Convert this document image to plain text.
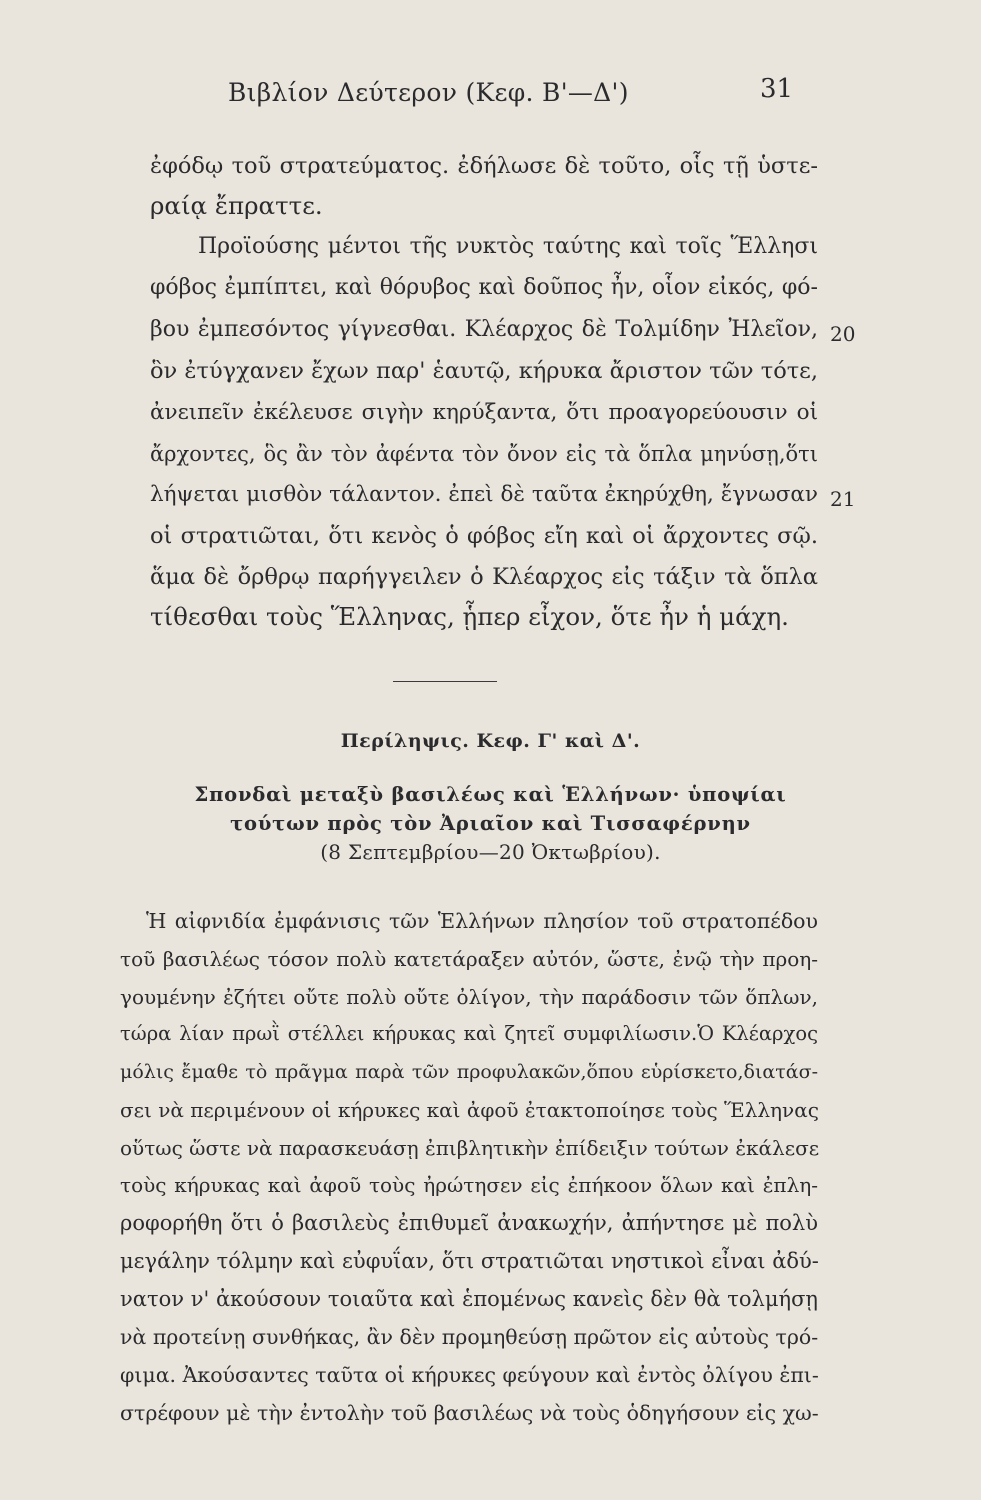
Βιβλίον Δεύτερον (Κεφ. Β'—Δ')	31
ἐφόδῳ τοῦ στρατεύματος. ἐδήλωσε δὲ τοῦτο, οἷς τῇ ὑστε-
ραίᾳ ἔπραττε.
Προϊούσης μέντοι τῆς νυκτὸς ταύτης καὶ τοῖς Ἕλλησι
φόβος ἐμπίπτει, καὶ θόρυβος καὶ δοῦπος ἦν, οἷον εἰκός, φό-
βου ἐμπεσόντος γίγνεσθαι. Κλέαρχος δὲ Τολμίδην Ἠλεῖον, 20
ὃν ἐτύγχανεν ἔχων παρ' ἑαυτῷ, κήρυκα ἄριστον τῶν τότε,
ἀνειπεῖν ἐκέλευσε σιγὴν κηρύξαντα, ὅτι προαγορεύουσιν οἱ
ἄρχοντες, ὃς ἂν τὸν ἀφέντα τὸν ὄνον εἰς τὰ ὅπλα μηνύσῃ,ὅτι
λήψεται μισθὸν τάλαντον. ἐπεὶ δὲ ταῦτα ἐκηρύχθη, ἔγνωσαν 21
οἱ στρατιῶται, ὅτι κενὸς ὁ φόβος εἴη καὶ οἱ ἄρχοντες σῷ.
ἅμα δὲ ὄρθρῳ παρήγγειλεν ὁ Κλέαρχος εἰς τάξιν τὰ ὅπλα
τίθεσθαι τοὺς Ἕλληνας, ᾗπερ εἶχον, ὅτε ἦν ἡ μάχη.
Περίληψις. Κεφ. Γ' καὶ Δ'.
Σπονδαὶ μεταξὺ βασιλέως καὶ Ἑλλήνων· ὑποψίαι
τούτων πρὸς τὸν Ἀριαῖον καὶ Τισσαφέρνην
(8 Σεπτεμβρίου—20 Ὀκτωβρίου).
Ἡ αἰφνιδία ἐμφάνισις τῶν Ἑλλήνων πλησίον τοῦ στρατοπέδου
τοῦ βασιλέως τόσον πολὺ κατετάραξεν αὐτόν, ὥστε, ἐνῷ τὴν προη-
γουμένην ἐζήτει οὔτε πολὺ οὔτε ὀλίγον, τὴν παράδοσιν τῶν ὅπλων,
τώρα λίαν πρωῒ στέλλει κήρυκας καὶ ζητεῖ συμφιλίωσιν.Ὁ Κλέαρχος
μόλις ἔμαθε τὸ πρᾶγμα παρὰ τῶν προφυλακῶν,ὅπου εὑρίσκετο,διατάσ-
σει νὰ περιμένουν οἱ κήρυκες καὶ ἀφοῦ ἐτακτοποίησε τοὺς Ἕλληνας
οὕτως ὥστε νὰ παρασκευάσῃ ἐπιβλητικὴν ἐπίδειξιν τούτων ἐκάλεσε
τοὺς κήρυκας καὶ ἀφοῦ τοὺς ἠρώτησεν εἰς ἐπήκοον ὅλων καὶ ἐπλη-
ροφορήθη ὅτι ὁ βασιλεὺς ἐπιθυμεῖ ἀνακωχήν, ἀπήντησε μὲ πολὺ
μεγάλην τόλμην καὶ εὐφυΐαν, ὅτι στρατιῶται νηστικοὶ εἶναι ἀδύ-
νατον ν' ἀκούσουν τοιαῦτα καὶ ἑπομένως κανεὶς δὲν θὰ τολμήσῃ
νὰ προτείνῃ συνθήκας, ἂν δὲν προμηθεύσῃ πρῶτον εἰς αὐτοὺς τρό-
φιμα. Ἀκούσαντες ταῦτα οἱ κήρυκες φεύγουν καὶ ἐντὸς ὀλίγου ἐπι-
στρέφουν μὲ τὴν ἐντολὴν τοῦ βασιλέως νὰ τοὺς ὁδηγήσουν εἰς χω-
